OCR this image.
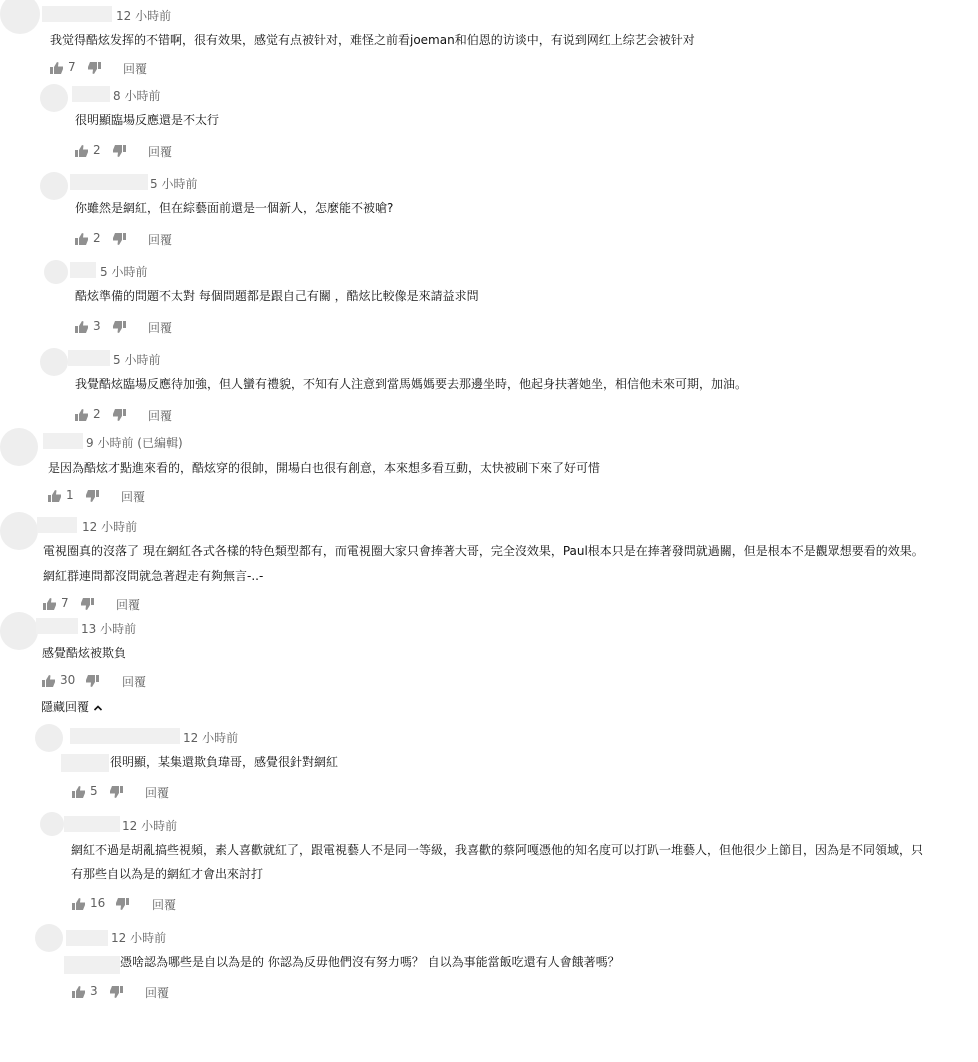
12 小時前
我觉得酷炫发挥的不错啊，很有效果，感觉有点被针对，难怪之前看joeman和伯恩的访谈中，有说到网红上综艺会被针对
7	回覆
8 小時前
很明顯臨場反應還是不太行
2	回覆
5 小時前
你雖然是網紅，但在綜藝面前還是一個新人，怎麼能不被嗆?
2	回覆
5 小時前
酷炫準備的問題不太對 每個問題都是跟自己有關 ，酷炫比較像是來請益求問
3	回覆
5 小時前
我覺酷炫臨場反應待加強，但人蠻有禮貌，不知有人注意到當馬媽媽要去那邊坐時，他起身扶著她坐，相信他未來可期，加油。
2	回覆
9 小時前 (已編輯)
是因為酷炫才點進來看的，酷炫穿的很帥，開場白也很有創意，本來想多看互動，太快被刷下來了好可惜
1	回覆
12 小時前
電視圈真的沒落了 現在網紅各式各樣的特色類型都有，而電視圈大家只會捧著大哥，完全沒效果，Paul根本只是在捧著發問就過關，但是根本不是觀眾想要看的效果。
網紅群連問都沒問就急著趕走有夠無言-..-
7	回覆
13 小時前
感覺酷炫被欺負
30	回覆
隱藏回覆
12 小時前
很明顯，某集還欺負瑋哥，感覺很針對網紅
5	回覆
12 小時前
網紅不過是胡亂搞些視頻，素人喜歡就紅了，跟電視藝人不是同一等級，我喜歡的蔡阿嘎憑他的知名度可以打趴一堆藝人，但他很少上節目，因為是不同領域，只
有那些自以為是的網紅才會出來討打
16	回覆
12 小時前
憑啥認為哪些是自以為是的 你認為反毋他們沒有努力嗎？ 自以為事能當飯吃還有人會餓著嗎？
3	回覆
